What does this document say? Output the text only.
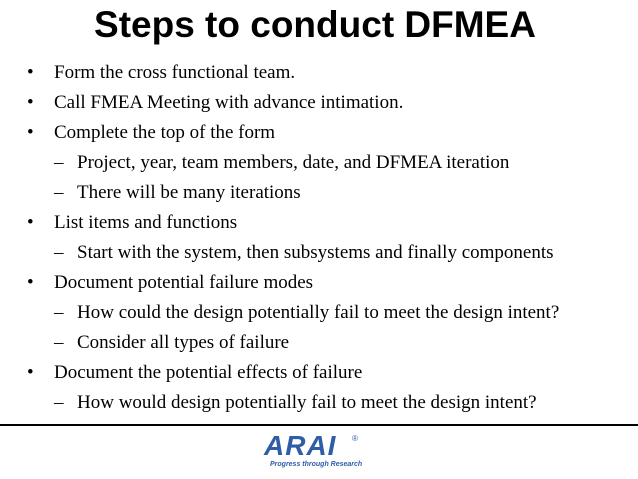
Steps to conduct DFMEA
• Form the cross functional team.
• Call FMEA Meeting with advance intimation.
• Complete the top of the form
– Project, year, team members, date, and DFMEA iteration
– There will be many iterations
• List items and functions
– Start with the system, then subsystems and finally components
• Document potential failure modes
– How could the design potentially fail to meet the design intent?
– Consider all types of failure
• Document the potential effects of failure
– How would design potentially fail to meet the design intent?
ARAI ®
Progress through Research
